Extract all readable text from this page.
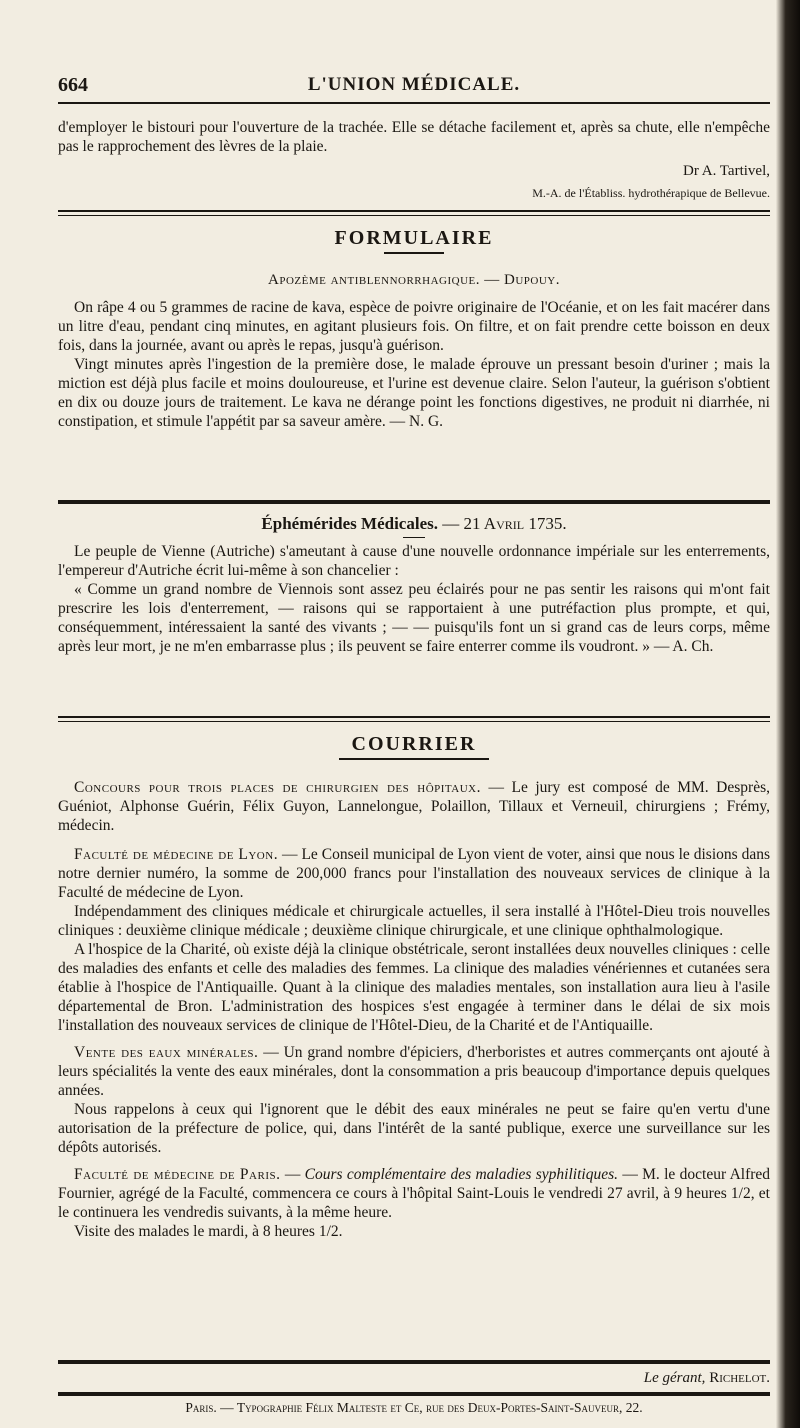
664	L'UNION MÉDICALE.

d'employer le bistouri pour l'ouverture de la trachée. Elle se détache facilement et, après sa chute, elle n'empêche pas le rapprochement des lèvres de la plaie.

Dr A. Tartivel,
M.-A. de l'Établiss. hydrothérapique de Bellevue.
FORMULAIRE
Apozème antiblennorrhagique. — Dupouy.

On râpe 4 ou 5 grammes de racine de kava, espèce de poivre originaire de l'Océanie, et on les fait macérer dans un litre d'eau, pendant cinq minutes, en agitant plusieurs fois. On filtre, et on fait prendre cette boisson en deux fois, dans la journée, avant ou après le repas, jusqu'à guérison.

Vingt minutes après l'ingestion de la première dose, le malade éprouve un pressant besoin d'uriner ; mais la miction est déjà plus facile et moins douloureuse, et l'urine est devenue claire. Selon l'auteur, la guérison s'obtient en dix ou douze jours de traitement. Le kava ne dérange point les fonctions digestives, ne produit ni diarrhée, ni constipation, et stimule l'appétit par sa saveur amère. — N. G.

Éphémérides Médicales. — 21 Avril 1735.

Le peuple de Vienne (Autriche) s'ameutant à cause d'une nouvelle ordonnance impériale sur les enterrements, l'empereur d'Autriche écrit lui-même à son chancelier :

« Comme un grand nombre de Viennois sont assez peu éclairés pour ne pas sentir les raisons qui m'ont fait prescrire les lois d'enterrement, — raisons qui se rapportaient à une putréfaction plus prompte, et qui, conséquemment, intéressaient la santé des vivants ; — — puisqu'ils font un si grand cas de leurs corps, même après leur mort, je ne m'en embarrasse plus ; ils peuvent se faire enterrer comme ils voudront. » — A. Ch.

COURRIER

Concours pour trois places de chirurgien des hôpitaux. — Le jury est composé de MM. Desprès, Guéniot, Alphonse Guérin, Félix Guyon, Lannelongue, Polaillon, Tillaux et Verneuil, chirurgiens ; Frémy, médecin.

Faculté de médecine de Lyon. — Le Conseil municipal de Lyon vient de voter, ainsi que nous le disions dans notre dernier numéro, la somme de 200,000 francs pour l'installation des nouveaux services de clinique à la Faculté de médecine de Lyon.

Indépendamment des cliniques médicale et chirurgicale actuelles, il sera installé à l'Hôtel-Dieu trois nouvelles cliniques : deuxième clinique médicale ; deuxième clinique chirurgicale, et une clinique ophthalmologique.

A l'hospice de la Charité, où existe déjà la clinique obstétricale, seront installées deux nouvelles cliniques : celle des maladies des enfants et celle des maladies des femmes. La clinique des maladies vénériennes et cutanées sera établie à l'hospice de l'Antiquaille. Quant à la clinique des maladies mentales, son installation aura lieu à l'asile départemental de Bron. L'administration des hospices s'est engagée à terminer dans le délai de six mois l'installation des nouveaux services de clinique de l'Hôtel-Dieu, de la Charité et de l'Antiquaille.

Vente des eaux minérales. — Un grand nombre d'épiciers, d'herboristes et autres commerçants ont ajouté à leurs spécialités la vente des eaux minérales, dont la consommation a pris beaucoup d'importance depuis quelques années.

Nous rappelons à ceux qui l'ignorent que le débit des eaux minérales ne peut se faire qu'en vertu d'une autorisation de la préfecture de police, qui, dans l'intérêt de la santé publique, exerce une surveillance sur les dépôts autorisés.

Faculté de médecine de Paris. — Cours complémentaire des maladies syphilitiques. — M. le docteur Alfred Fournier, agrégé de la Faculté, commencera ce cours à l'hôpital Saint-Louis le vendredi 27 avril, à 9 heures 1/2, et le continuera les vendredis suivants, à la même heure.

Visite des malades le mardi, à 8 heures 1/2.

Le gérant, Richelot.
Paris. — Typographie Félix Malteste et Ce, rue des Deux-Portes-Saint-Sauveur, 22.
